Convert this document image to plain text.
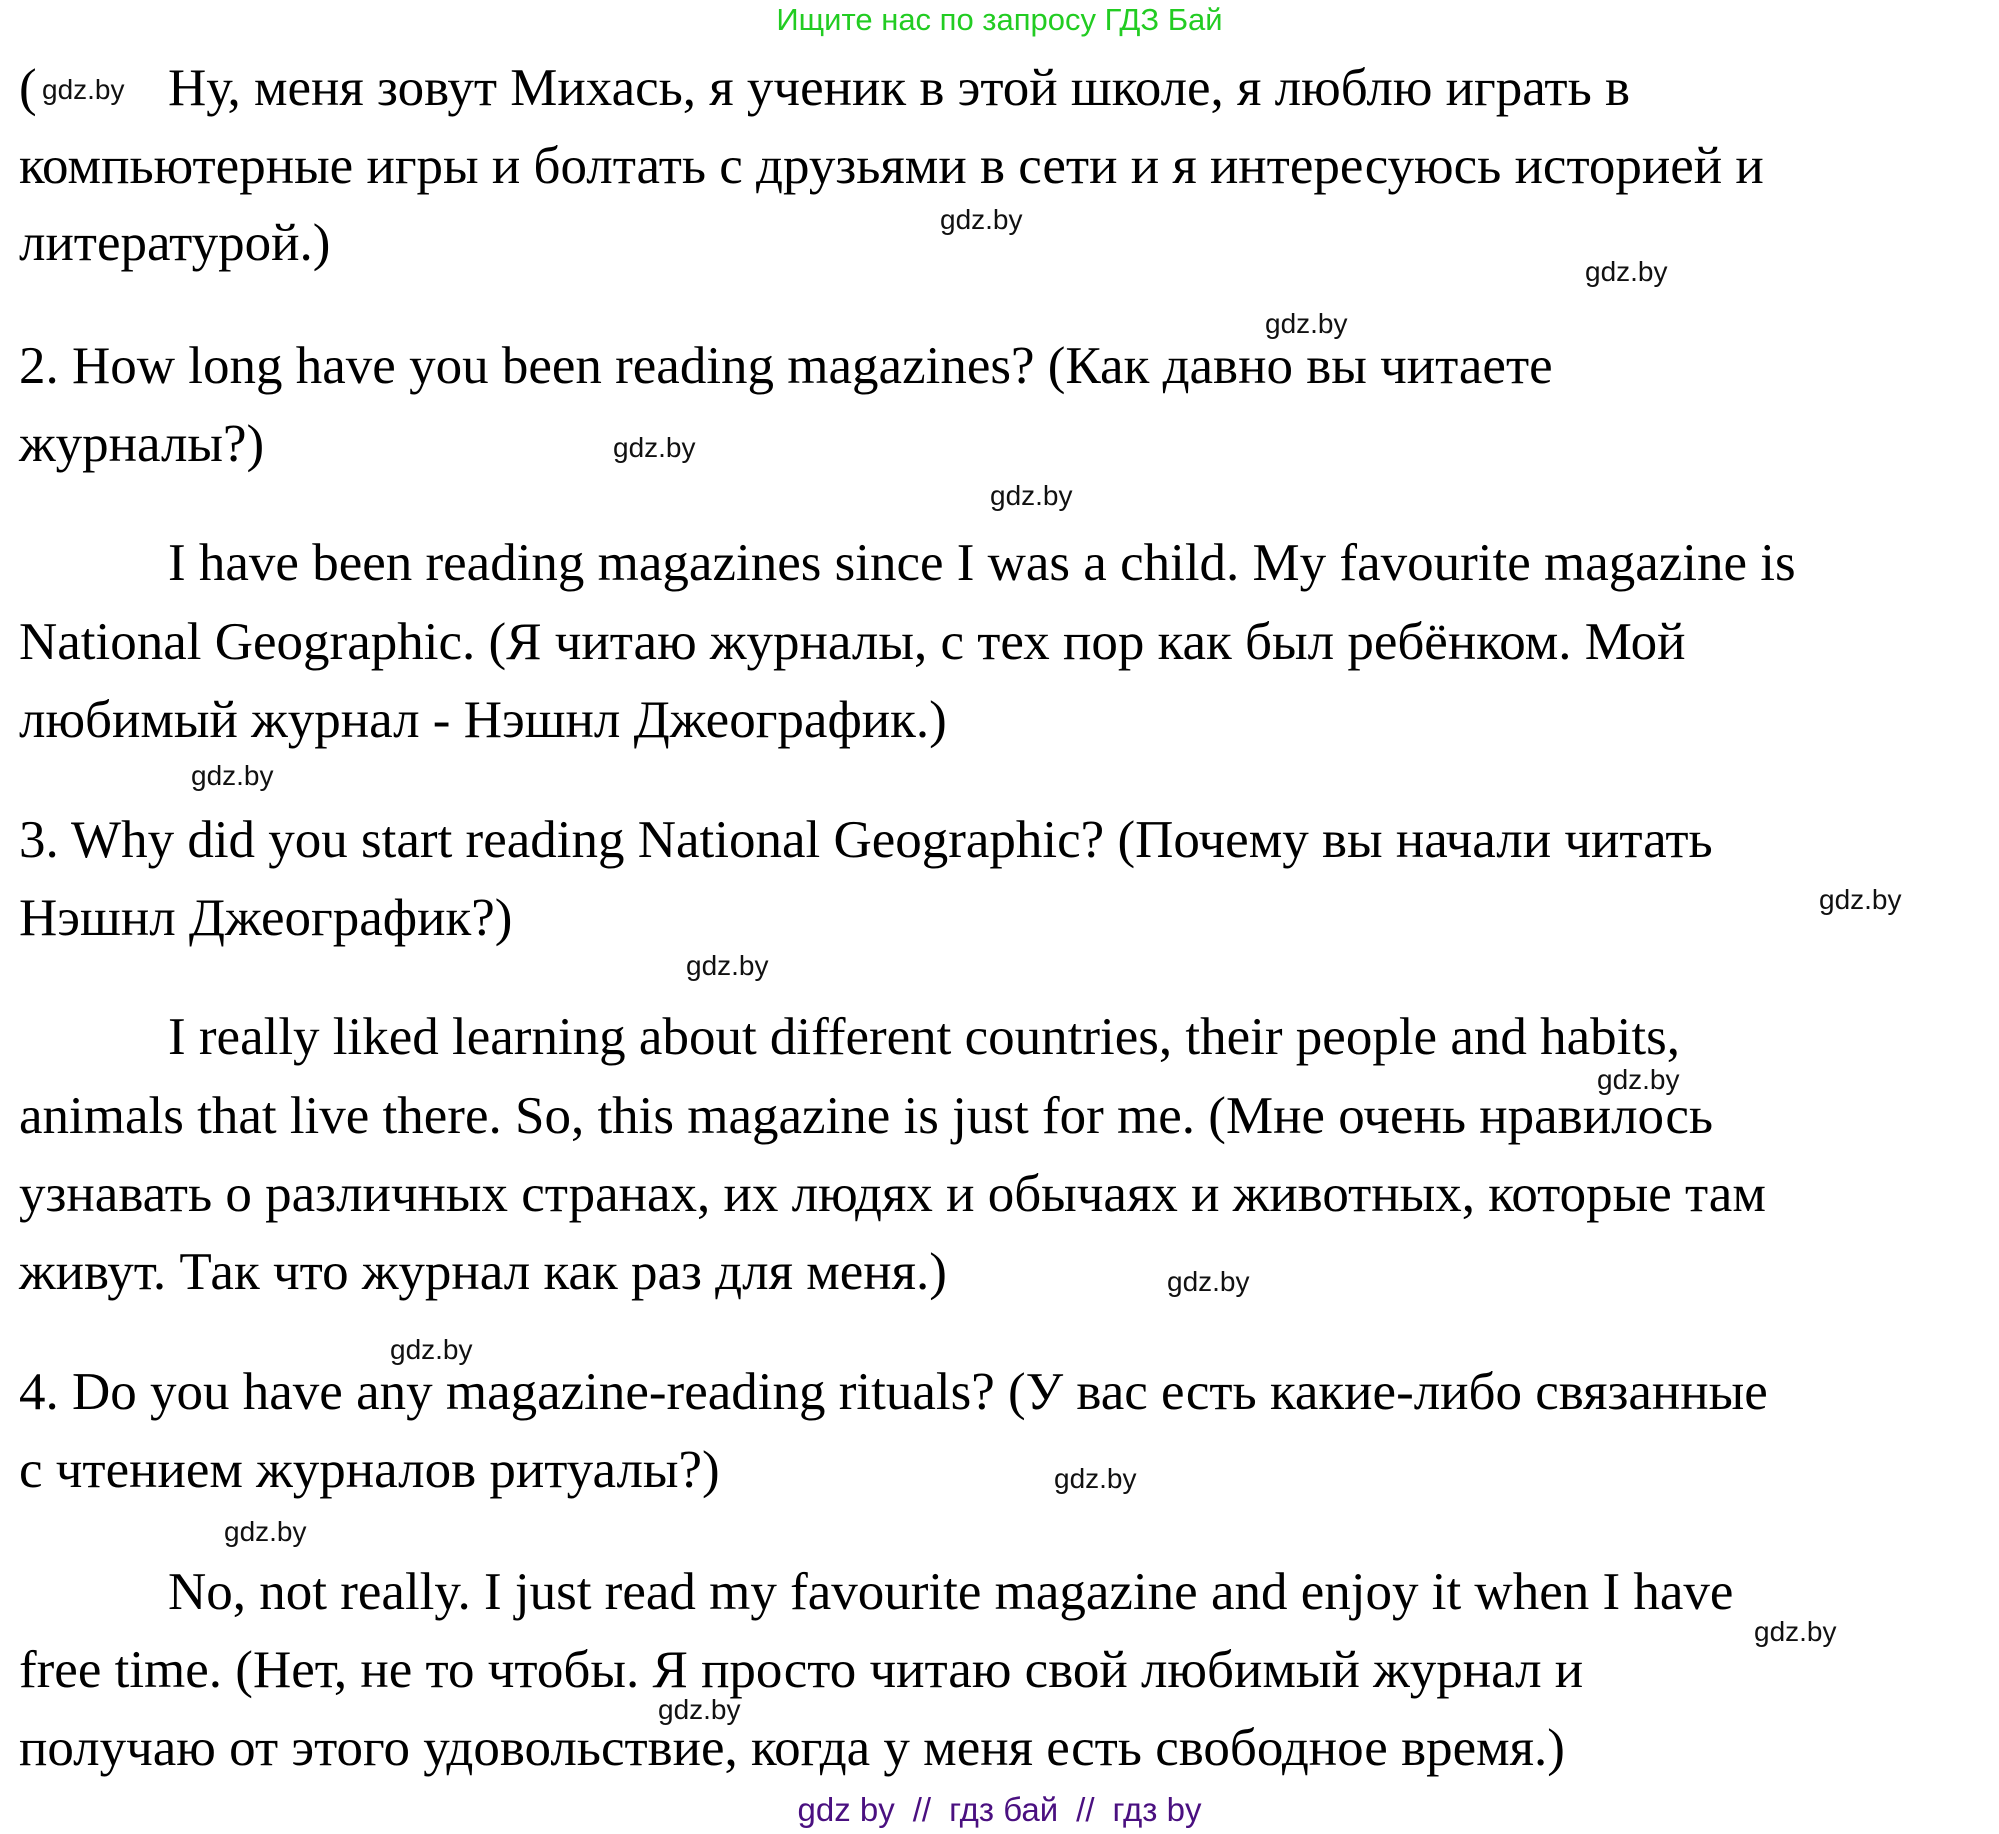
Ищите нас по запросу ГДЗ Бай
( Ну, меня зовут Михась, я ученик в этой школе, я люблю играть в
компьютерные игры и болтать с друзьями в сети и я интересуюсь историей и
литературой.)
2. How long have you been reading magazines? (Как давно вы читаете
журналы?)
I have been reading magazines since I was a child. My favourite magazine is
National Geographic. (Я читаю журналы, с тех пор как был ребёнком. Мой
любимый журнал - Нэшнл Джеографик.)
3. Why did you start reading National Geographic? (Почему вы начали читать
Нэшнл Джеографик?)
I really liked learning about different countries, their people and habits,
animals that live there. So, this magazine is just for me. (Мне очень нравилось
узнавать о различных странах, их людях и обычаях и животных, которые там
живут. Так что журнал как раз для меня.)
4. Do you have any magazine-reading rituals? (У вас есть какие-либо связанные
с чтением журналов ритуалы?)
No, not really. I just read my favourite magazine and enjoy it when I have
free time. (Нет, не то чтобы. Я просто читаю свой любимый журнал и
получаю от этого удовольствие, когда у меня есть свободное время.)
gdz.by
gdz.by
gdz.by
gdz.by
gdz.by
gdz.by
gdz.by
gdz.by
gdz.by
gdz.by
gdz.by
gdz.by
gdz.by
gdz.by
gdz.by
gdz.by
gdz by // гдз бай // гдз by
